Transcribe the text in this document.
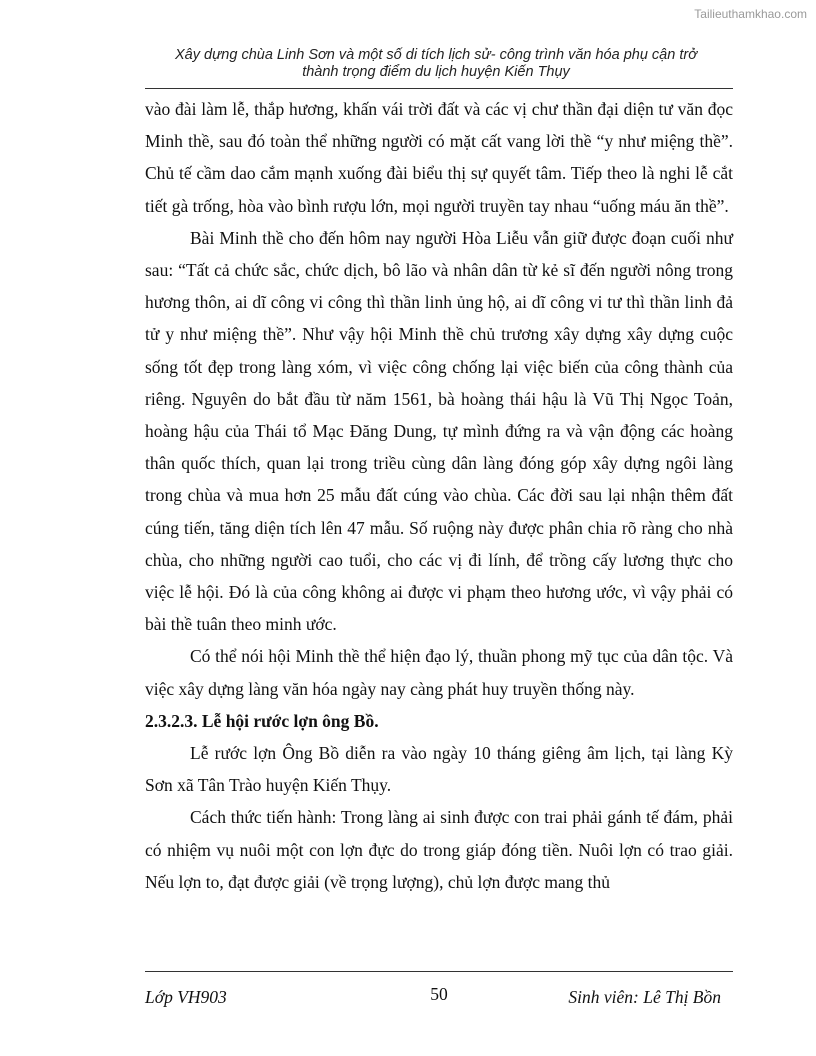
Tailieuthamkhao.com
Xây dựng chùa Linh Sơn và một số di tích lịch sử- công trình văn hóa phụ cận trở
thành trọng điểm du lịch huyện Kiến Thụy

vào đài làm lễ, thắp hương, khấn vái trời đất và các vị chư thần đại diện tư văn đọc Minh thề, sau đó toàn thể những người có mặt cất vang lời thề “y như miệng thề”. Chủ tế cầm dao cắm mạnh xuống đài biểu thị sự quyết tâm. Tiếp theo là nghi lễ cắt tiết gà trống, hòa vào bình rượu lớn, mọi người truyền tay nhau “uống máu ăn thề”.

Bài Minh thề cho đến hôm nay người Hòa Liễu vẫn giữ được đoạn cuối như sau: “Tất cả chức sắc, chức dịch, bô lão và nhân dân từ kẻ sĩ đến người nông trong hương thôn, ai dĩ công vi công thì thần linh ủng hộ, ai dĩ công vi tư thì thần linh đả tử y như miệng thề”. Như vậy hội Minh thề chủ trương xây dựng xây dựng cuộc sống tốt đẹp trong làng xóm, vì việc công chống lại việc biến của công thành của riêng. Nguyên do bắt đầu từ năm 1561, bà hoàng thái hậu là Vũ Thị Ngọc Toản, hoàng hậu của Thái tổ Mạc Đăng Dung, tự mình đứng ra và vận động các hoàng thân quốc thích, quan lại trong triều cùng dân làng đóng góp xây dựng ngôi làng trong chùa và mua hơn 25 mẫu đất cúng vào chùa. Các đời sau lại nhận thêm đất cúng tiến, tăng diện tích lên 47 mẫu. Số ruộng này được phân chia rõ ràng cho nhà chùa, cho những người cao tuổi, cho các vị đi lính, để trồng cấy lương thực cho việc lễ hội. Đó là của công không ai được vi phạm theo hương ước, vì vậy phải có bài thề tuân theo minh ước.

Có thể nói hội Minh thề thể hiện đạo lý, thuần phong mỹ tục của dân tộc. Và việc xây dựng làng văn hóa ngày nay càng phát huy truyền thống này.

2.3.2.3. Lễ hội rước lợn ông Bồ.

Lễ rước lợn Ông Bồ diễn ra vào ngày 10 tháng giêng âm lịch, tại làng Kỳ Sơn xã Tân Trào huyện Kiến Thụy.

Cách thức tiến hành: Trong làng ai sinh được con trai phải gánh tế đám, phải có nhiệm vụ nuôi một con lợn đực do trong giáp đóng tiền. Nuôi lợn có trao giải. Nếu lợn to, đạt được giải (về trọng lượng), chủ lợn được mang thủ

Lớp VH903	50	Sinh viên: Lê Thị Bồn
